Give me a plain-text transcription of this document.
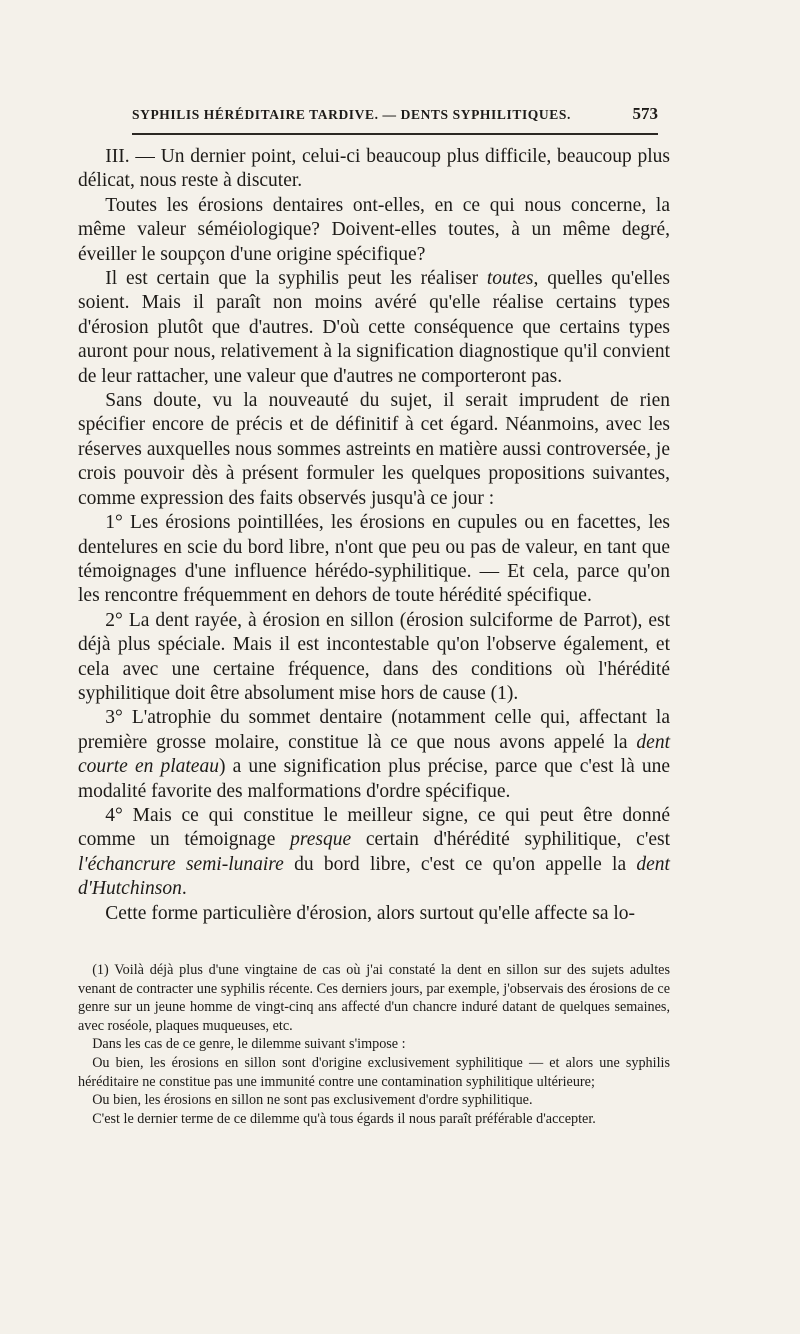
SYPHILIS HÉRÉDITAIRE TARDIVE. — DENTS SYPHILITIQUES.	573

III. — Un dernier point, celui-ci beaucoup plus difficile, beaucoup plus délicat, nous reste à discuter.

Toutes les érosions dentaires ont-elles, en ce qui nous concerne, la même valeur séméiologique? Doivent-elles toutes, à un même degré, éveiller le soupçon d'une origine spécifique?

Il est certain que la syphilis peut les réaliser toutes, quelles qu'elles soient. Mais il paraît non moins avéré qu'elle réalise certains types d'érosion plutôt que d'autres. D'où cette conséquence que certains types auront pour nous, relativement à la signification diagnostique qu'il convient de leur rattacher, une valeur que d'autres ne comporteront pas.

Sans doute, vu la nouveauté du sujet, il serait imprudent de rien spécifier encore de précis et de définitif à cet égard. Néanmoins, avec les réserves auxquelles nous sommes astreints en matière aussi controversée, je crois pouvoir dès à présent formuler les quelques propositions suivantes, comme expression des faits observés jusqu'à ce jour :

1° Les érosions pointillées, les érosions en cupules ou en facettes, les dentelures en scie du bord libre, n'ont que peu ou pas de valeur, en tant que témoignages d'une influence hérédo-syphilitique. — Et cela, parce qu'on les rencontre fréquemment en dehors de toute hérédité spécifique.

2° La dent rayée, à érosion en sillon (érosion sulciforme de Parrot), est déjà plus spéciale. Mais il est incontestable qu'on l'observe également, et cela avec une certaine fréquence, dans des conditions où l'hérédité syphilitique doit être absolument mise hors de cause (1).

3° L'atrophie du sommet dentaire (notamment celle qui, affectant la première grosse molaire, constitue là ce que nous avons appelé la dent courte en plateau) a une signification plus précise, parce que c'est là une modalité favorite des malformations d'ordre spécifique.

4° Mais ce qui constitue le meilleur signe, ce qui peut être donné comme un témoignage presque certain d'hérédité syphilitique, c'est l'échancrure semi-lunaire du bord libre, c'est ce qu'on appelle la dent d'Hutchinson.

Cette forme particulière d'érosion, alors surtout qu'elle affecte sa lo-

(1) Voilà déjà plus d'une vingtaine de cas où j'ai constaté la dent en sillon sur des sujets adultes venant de contracter une syphilis récente. Ces derniers jours, par exemple, j'observais des érosions de ce genre sur un jeune homme de vingt-cinq ans affecté d'un chancre induré datant de quelques semaines, avec roséole, plaques muqueuses, etc.

Dans les cas de ce genre, le dilemme suivant s'impose :

Ou bien, les érosions en sillon sont d'origine exclusivement syphilitique — et alors une syphilis héréditaire ne constitue pas une immunité contre une contamination syphilitique ultérieure;

Ou bien, les érosions en sillon ne sont pas exclusivement d'ordre syphilitique.

C'est le dernier terme de ce dilemme qu'à tous égards il nous paraît préférable d'accepter.
